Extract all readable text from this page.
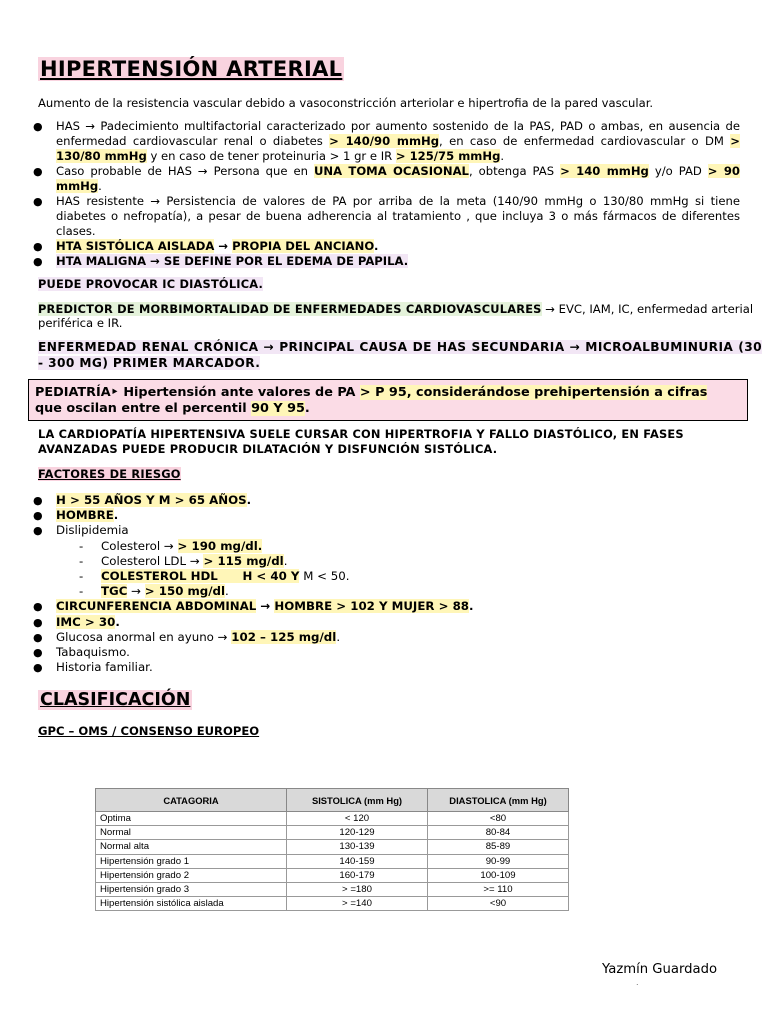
HIPERTENSIÓN ARTERIAL
Aumento de la resistencia vascular debido a vasoconstricción arteriolar e hipertrofia de la pared vascular.
● HAS → Padecimiento multifactorial caracterizado por aumento sostenido de la PAS, PAD o ambas, en ausencia de enfermedad cardiovascular renal o diabetes > 140/90 mmHg, en caso de enfermedad cardiovascular o DM > 130/80 mmHg y en caso de tener proteinuria > 1 gr e IR > 125/75 mmHg.
● Caso probable de HAS → Persona que en UNA TOMA OCASIONAL, obtenga PAS > 140 mmHg y/o PAD > 90 mmHg.
● HAS resistente → Persistencia de valores de PA por arriba de la meta (140/90 mmHg o 130/80 mmHg si tiene diabetes o nefropatía), a pesar de buena adherencia al tratamiento , que incluya 3 o más fármacos de diferentes clases.
● HTA SISTÓLICA AISLADA → PROPIA DEL ANCIANO.
● HTA MALIGNA → SE DEFINE POR EL EDEMA DE PAPILA.
PUEDE PROVOCAR IC DIASTÓLICA.
PREDICTOR DE MORBIMORTALIDAD DE ENFERMEDADES CARDIOVASCULARES → EVC, IAM, IC, enfermedad arterial periférica e IR.
ENFERMEDAD RENAL CRÓNICA → PRINCIPAL CAUSA DE HAS SECUNDARIA → MICROALBUMINURIA (30 - 300 MG) PRIMER MARCADOR.
PEDIATRÍA‣ Hipertensión ante valores de PA > P 95, considerándose prehipertensión a cifras
que oscilan entre el percentil 90 Y 95.
LA CARDIOPATÍA HIPERTENSIVA SUELE CURSAR CON HIPERTROFIA Y FALLO DIASTÓLICO, EN FASES AVANZADAS PUEDE PRODUCIR DILATACIÓN Y DISFUNCIÓN SISTÓLICA.
FACTORES DE RIESGO
● H > 55 AÑOS Y M > 65 AÑOS.
● HOMBRE.
● Dislipidemia
- Colesterol → > 190 mg/dl.
- Colesterol LDL → > 115 mg/dl.
- COLESTEROL HDL      H < 40 Y M < 50.
- TGC → > 150 mg/dl.
● CIRCUNFERENCIA ABDOMINAL → HOMBRE > 102 Y MUJER > 88.
● IMC > 30.
● Glucosa anormal en ayuno → 102 – 125 mg/dl.
● Tabaquismo.
● Historia familiar.
CLASIFICACIÓN
GPC – OMS / CONSENSO EUROPEO
CATAGORIA	SISTOLICA (mm Hg)	DIASTOLICA (mm Hg)
Optima	< 120	<80
Normal	120-129	80-84
Normal alta	130-139	85-89
Hipertensión grado 1	140-159	90-99
Hipertensión grado 2	160-179	100-109
Hipertensión grado 3	> =180	>= 110
Hipertensión sistólica aislada	> =140	<90
Yazmín Guardado
.
